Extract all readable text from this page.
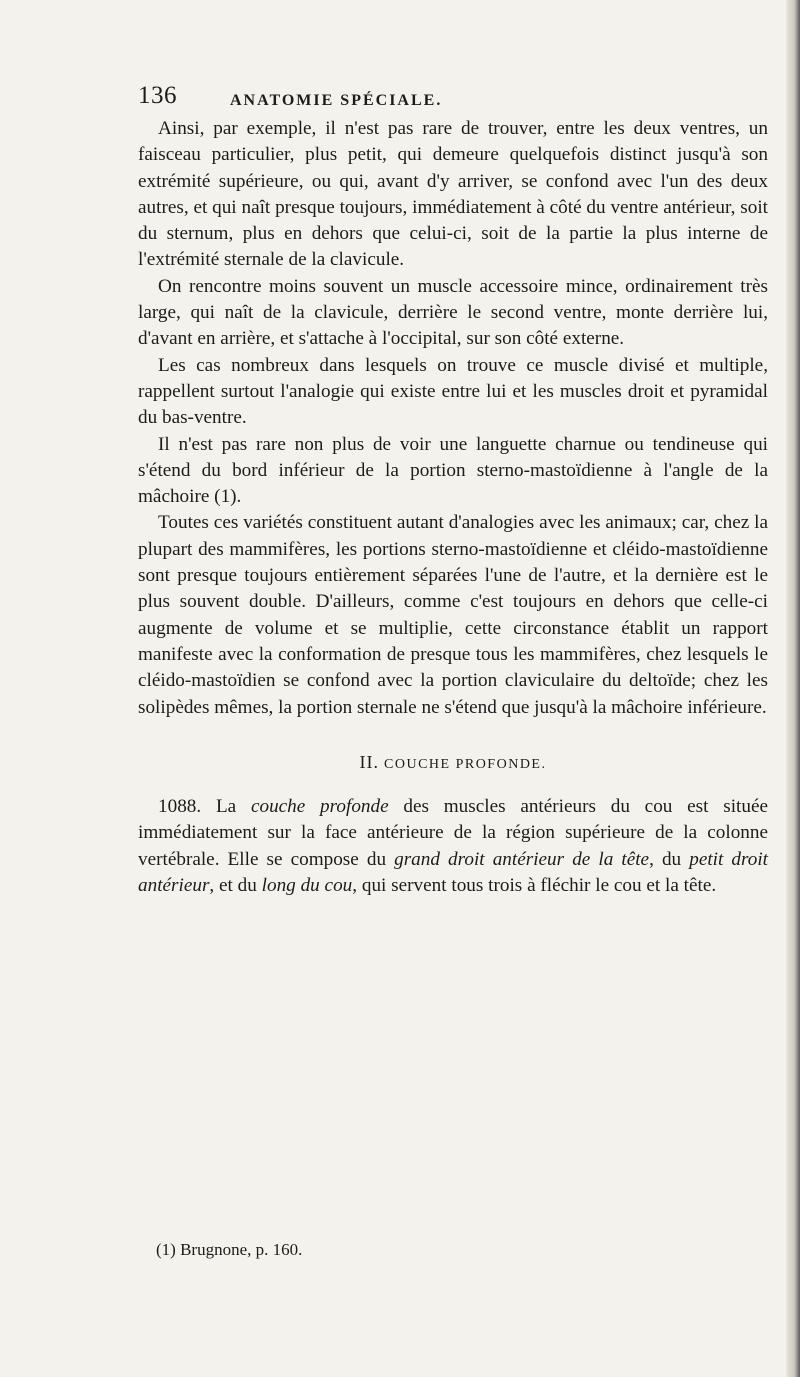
136	ANATOMIE SPÉCIALE.

Ainsi, par exemple, il n'est pas rare de trouver, entre les deux ventres, un faisceau particulier, plus petit, qui demeure quelquefois distinct jusqu'à son extrémité supérieure, ou qui, avant d'y arriver, se confond avec l'un des deux autres, et qui naît presque toujours, immédiatement à côté du ventre antérieur, soit du sternum, plus en dehors que celui-ci, soit de la partie la plus interne de l'extrémité sternale de la clavicule.

On rencontre moins souvent un muscle accessoire mince, ordinairement très large, qui naît de la clavicule, derrière le second ventre, monte derrière lui, d'avant en arrière, et s'attache à l'occipital, sur son côté externe.

Les cas nombreux dans lesquels on trouve ce muscle divisé et multiple, rappellent surtout l'analogie qui existe entre lui et les muscles droit et pyramidal du bas-ventre.

Il n'est pas rare non plus de voir une languette charnue ou tendineuse qui s'étend du bord inférieur de la portion sterno-mastoïdienne à l'angle de la mâchoire (1).

Toutes ces variétés constituent autant d'analogies avec les animaux; car, chez la plupart des mammifères, les portions sterno-mastoïdienne et cléido-mastoïdienne sont presque toujours entièrement séparées l'une de l'autre, et la dernière est le plus souvent double. D'ailleurs, comme c'est toujours en dehors que celle-ci augmente de volume et se multiplie, cette circonstance établit un rapport manifeste avec la conformation de presque tous les mammifères, chez lesquels le cléido-mastoïdien se confond avec la portion claviculaire du deltoïde; chez les solipèdes mêmes, la portion sternale ne s'étend que jusqu'à la mâchoire inférieure.

II. COUCHE PROFONDE.

1088. La couche profonde des muscles antérieurs du cou est située immédiatement sur la face antérieure de la région supérieure de la colonne vertébrale. Elle se compose du grand droit antérieur de la tête, du petit droit antérieur, et du long du cou, qui servent tous trois à fléchir le cou et la tête.

(1) Brugnone, p. 160.
